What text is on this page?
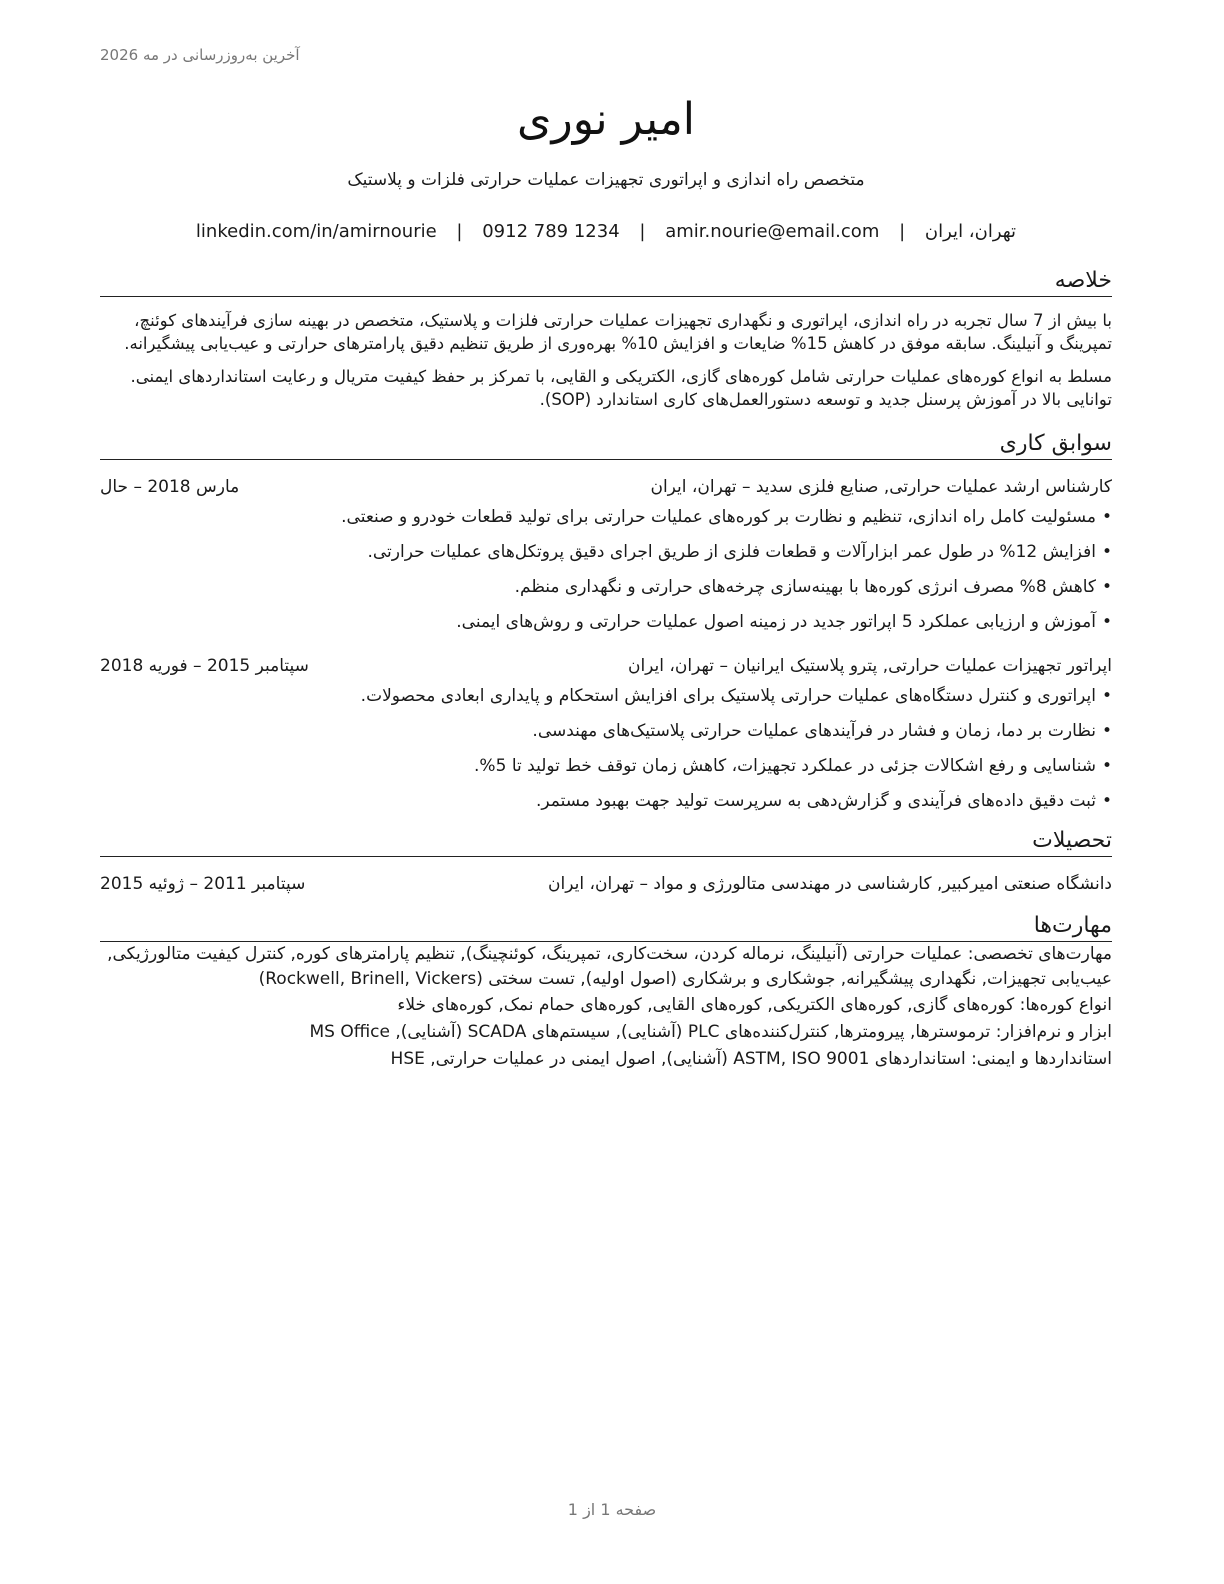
آخرین به‌روزرسانی در مه 2026
امیر نوری
متخصص راه اندازی و اپراتوری تجهیزات عملیات حرارتی فلزات و پلاستیک
تهران، ایران | amir.nourie@email.com | 0912 789 1234 | linkedin.com/in/amirnourie
خلاصه

با بیش از 7 سال تجربه در راه اندازی، اپراتوری و نگهداری تجهیزات عملیات حرارتی فلزات و پلاستیک، متخصص در بهینه سازی فرآیندهای کوئنچ، تمپرینگ و آنیلینگ. سابقه موفق در کاهش 15% ضایعات و افزایش 10% بهره‌وری از طریق تنظیم دقیق پارامترهای حرارتی و عیب‌یابی پیشگیرانه.

مسلط به انواع کوره‌های عملیات حرارتی شامل کوره‌های گازی، الکتریکی و القایی، با تمرکز بر حفظ کیفیت متریال و رعایت استانداردهای ایمنی. توانایی بالا در آموزش پرسنل جدید و توسعه دستورالعمل‌های کاری استاندارد (SOP).

سوابق کاری
کارشناس ارشد عملیات حرارتی, صنایع فلزی سدید – تهران، ایران
مارس 2018 – حال
• مسئولیت کامل راه اندازی، تنظیم و نظارت بر کوره‌های عملیات حرارتی برای تولید قطعات خودرو و صنعتی.
• افزایش 12% در طول عمر ابزارآلات و قطعات فلزی از طریق اجرای دقیق پروتکل‌های عملیات حرارتی.
• کاهش 8% مصرف انرژی کوره‌ها با بهینه‌سازی چرخه‌های حرارتی و نگهداری منظم.
• آموزش و ارزیابی عملکرد 5 اپراتور جدید در زمینه اصول عملیات حرارتی و روش‌های ایمنی.
اپراتور تجهیزات عملیات حرارتی, پترو پلاستیک ایرانیان – تهران، ایران
سپتامبر 2015 – فوریه 2018
• اپراتوری و کنترل دستگاه‌های عملیات حرارتی پلاستیک برای افزایش استحکام و پایداری ابعادی محصولات.
• نظارت بر دما، زمان و فشار در فرآیندهای عملیات حرارتی پلاستیک‌های مهندسی.
• شناسایی و رفع اشکالات جزئی در عملکرد تجهیزات، کاهش زمان توقف خط تولید تا 5%.
• ثبت دقیق داده‌های فرآیندی و گزارش‌دهی به سرپرست تولید جهت بهبود مستمر.
تحصیلات
دانشگاه صنعتی امیرکبیر, کارشناسی در مهندسی متالورژی و مواد – تهران، ایران
سپتامبر 2011 – ژوئیه 2015
مهارت‌ها

مهارت‌های تخصصی: عملیات حرارتی (آنیلینگ، نرماله کردن، سخت‌کاری، تمپرینگ، کوئنچینگ), تنظیم پارامترهای کوره, کنترل کیفیت متالورژیکی, عیب‌یابی تجهیزات, نگهداری پیشگیرانه, جوشکاری و برشکاری (اصول اولیه), تست سختی (Rockwell, Brinell, Vickers)

انواع کوره‌ها: کوره‌های گازی, کوره‌های الکتریکی, کوره‌های القایی, کوره‌های حمام نمک, کوره‌های خلاء

ابزار و نرم‌افزار: ترموسترها, پیرومترها, کنترل‌کننده‌های PLC (آشنایی), سیستم‌های SCADA (آشنایی), MS Office

استانداردها و ایمنی: استانداردهای ASTM, ISO 9001 (آشنایی), اصول ایمنی در عملیات حرارتی, HSE

صفحه 1 از 1
